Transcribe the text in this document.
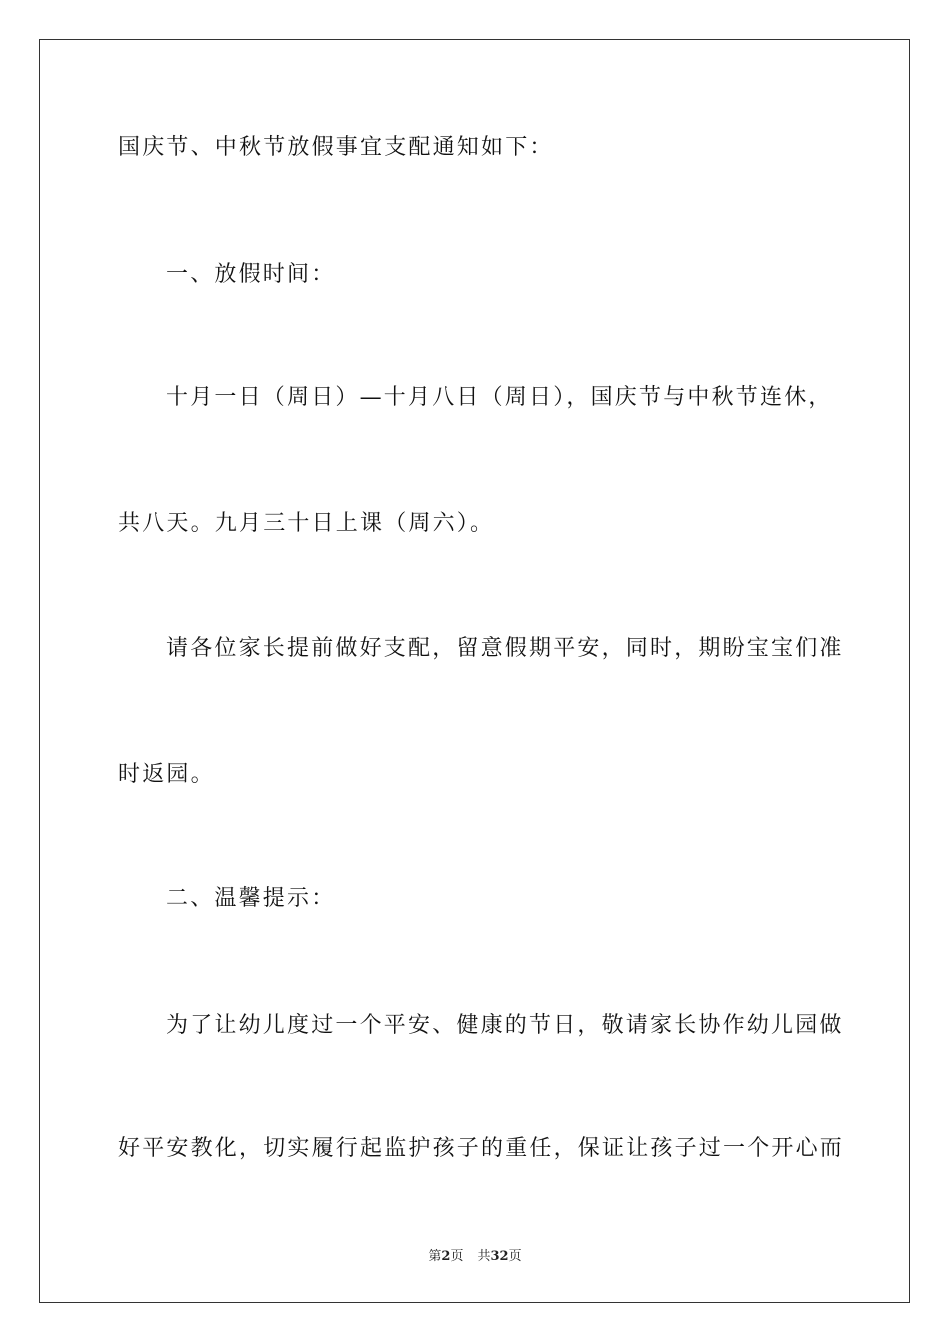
国庆节、中秋节放假事宜支配通知如下：
一、放假时间：
十月一日（周日）—十月八日（周日），国庆节与中秋节连休，
共八天。九月三十日上课（周六）。
请各位家长提前做好支配，留意假期平安，同时，期盼宝宝们准
时返园。
二、温馨提示：
为了让幼儿度过一个平安、健康的节日，敬请家长协作幼儿园做
好平安教化，切实履行起监护孩子的重任，保证让孩子过一个开心而
第2页 共32页
